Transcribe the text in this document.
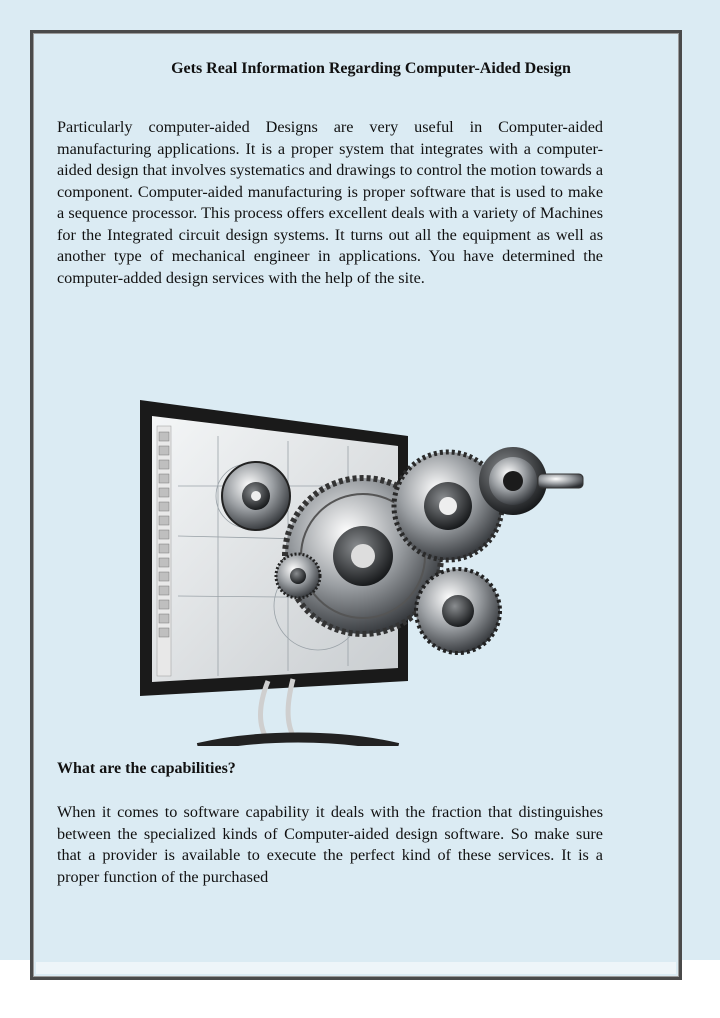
Gets Real Information Regarding Computer-Aided Design

Particularly computer-aided Designs are very useful in Computer-aided manufacturing applications. It is a proper system that integrates with a computer-aided design that involves systematics and drawings to control the motion towards a component. Computer-aided manufacturing is proper software that is used to make a sequence processor. This process offers excellent deals with a variety of Machines for the Integrated circuit design systems. It turns out all the equipment as well as another type of mechanical engineer in applications. You have determined the computer-added design services with the help of the site.

What are the capabilities?

When it comes to software capability it deals with the fraction that distinguishes between the specialized kinds of Computer-aided design software. So make sure that a provider is available to execute the perfect kind of these services. It is a proper function of the purchased
